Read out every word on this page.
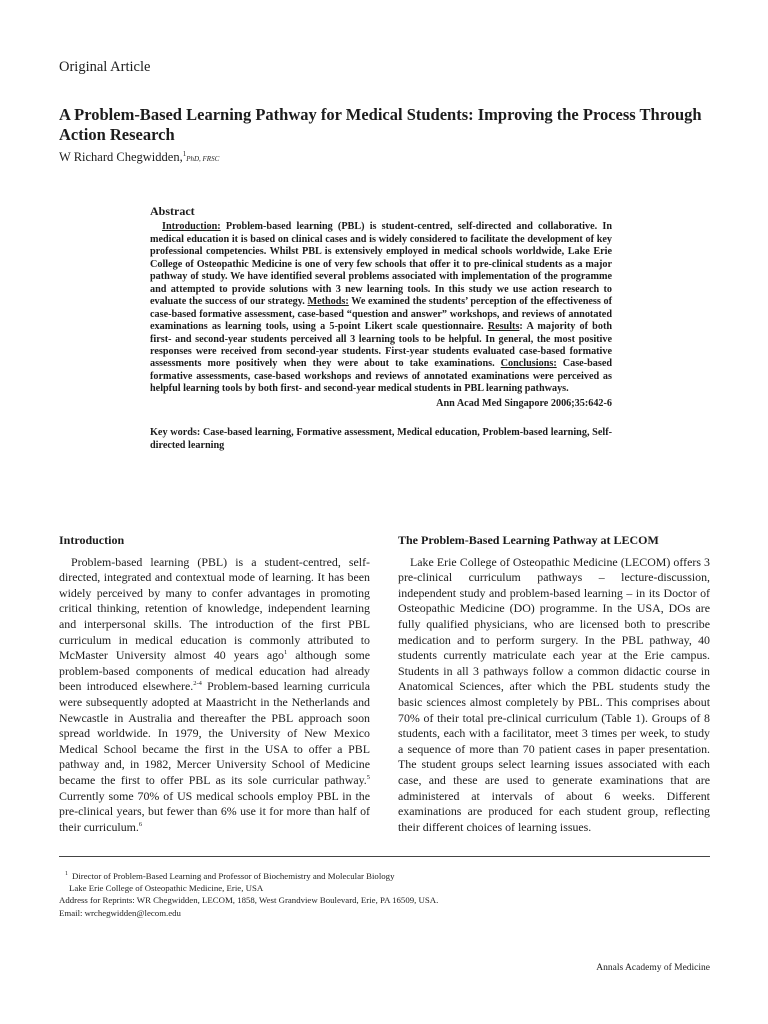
Original Article
A Problem-Based Learning Pathway for Medical Students: Improving the Process Through Action Research
W Richard Chegwidden,$^1$PhD, FRSC
Abstract
Introduction: Problem-based learning (PBL) is student-centred, self-directed and collaborative. In medical education it is based on clinical cases and is widely considered to facilitate the development of key professional competencies. Whilst PBL is extensively employed in medical schools worldwide, Lake Erie College of Osteopathic Medicine is one of very few schools that offer it to pre-clinical students as a major pathway of study. We have identified several problems associated with implementation of the programme and attempted to provide solutions with 3 new learning tools. In this study we use action research to evaluate the success of our strategy. Methods: We examined the students’ perception of the effectiveness of case-based formative assessment, case-based “question and answer” workshops, and reviews of annotated examinations as learning tools, using a 5-point Likert scale questionnaire. Results: A majority of both first- and second-year students perceived all 3 learning tools to be helpful. In general, the most positive responses were received from second-year students. First-year students evaluated case-based formative assessments more positively when they were about to take examinations. Conclusions: Case-based formative assessments, case-based workshops and reviews of annotated examinations were perceived as helpful learning tools by both first- and second-year medical students in PBL learning pathways.
Ann Acad Med Singapore 2006;35:642-6
Key words: Case-based learning, Formative assessment, Medical education, Problem-based learning, Self-directed learning
Introduction

Problem-based learning (PBL) is a student-centred, self-directed, integrated and contextual mode of learning. It has been widely perceived by many to confer advantages in promoting critical thinking, retention of knowledge, independent learning and interpersonal skills. The introduction of the first PBL curriculum in medical education is commonly attributed to McMaster University almost 40 years ago$^1$ although some problem-based components of medical education had already been introduced elsewhere.$^{2-4}$ Problem-based learning curricula were subsequently adopted at Maastricht in the Netherlands and Newcastle in Australia and thereafter the PBL approach soon spread worldwide. In 1979, the University of New Mexico Medical School became the first in the USA to offer a PBL pathway and, in 1982, Mercer University School of Medicine became the first to offer PBL as its sole curricular pathway.$^5$ Currently some 70% of US medical schools employ PBL in the pre-clinical years, but fewer than 6% use it for more than half of their curriculum.$^6$

The Problem-Based Learning Pathway at LECOM

Lake Erie College of Osteopathic Medicine (LECOM) offers 3 pre-clinical curriculum pathways – lecture-discussion, independent study and problem-based learning – in its Doctor of Osteopathic Medicine (DO) programme. In the USA, DOs are fully qualified physicians, who are licensed both to prescribe medication and to perform surgery. In the PBL pathway, 40 students currently matriculate each year at the Erie campus. Students in all 3 pathways follow a common didactic course in Anatomical Sciences, after which the PBL students study the basic sciences almost completely by PBL. This comprises about 70% of their total pre-clinical curriculum (Table 1). Groups of 8 students, each with a facilitator, meet 3 times per week, to study a sequence of more than 70 patient cases in paper presentation. The student groups select learning issues associated with each case, and these are used to generate examinations that are administered at intervals of about 6 weeks. Different examinations are produced for each student group, reflecting their different choices of learning issues.

$^1$ Director of Problem-Based Learning and Professor of Biochemistry and Molecular Biology
Lake Erie College of Osteopathic Medicine, Erie, USA
Address for Reprints: WR Chegwidden, LECOM, 1858, West Grandview Boulevard, Erie, PA 16509, USA.
Email: wrchegwidden@lecom.edu
Annals Academy of Medicine
